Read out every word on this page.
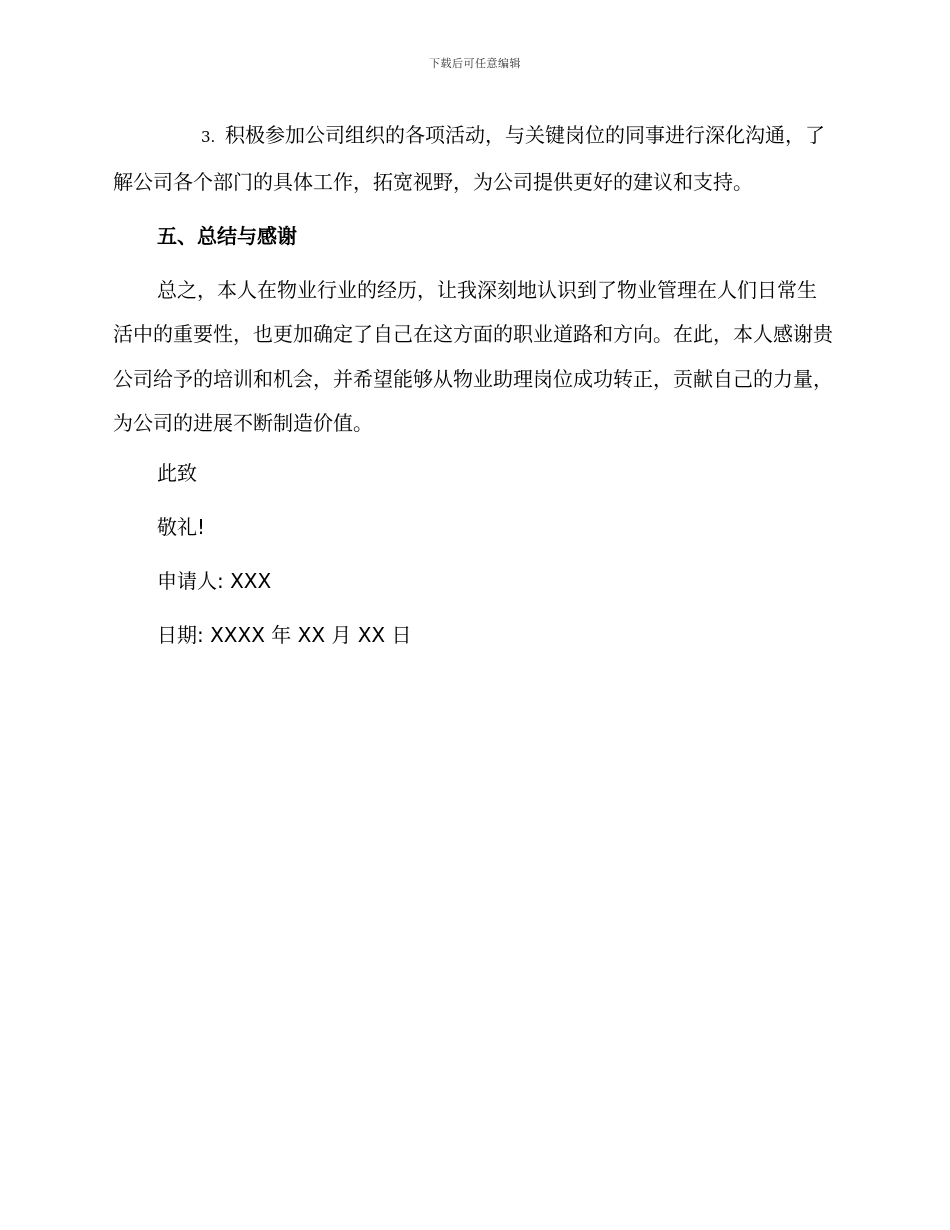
下载后可任意编辑

3. 积极参加公司组织的各项活动，与关键岗位的同事进行深化沟通，了解公司各个部门的具体工作，拓宽视野，为公司提供更好的建议和支持。

五、总结与感谢

总之，本人在物业行业的经历，让我深刻地认识到了物业管理在人们日常生活中的重要性，也更加确定了自己在这方面的职业道路和方向。在此，本人感谢贵公司给予的培训和机会，并希望能够从物业助理岗位成功转正，贡献自己的力量，为公司的进展不断制造价值。

此致

敬礼!

申请人: XXX

日期: XXXX 年 XX 月 XX 日
